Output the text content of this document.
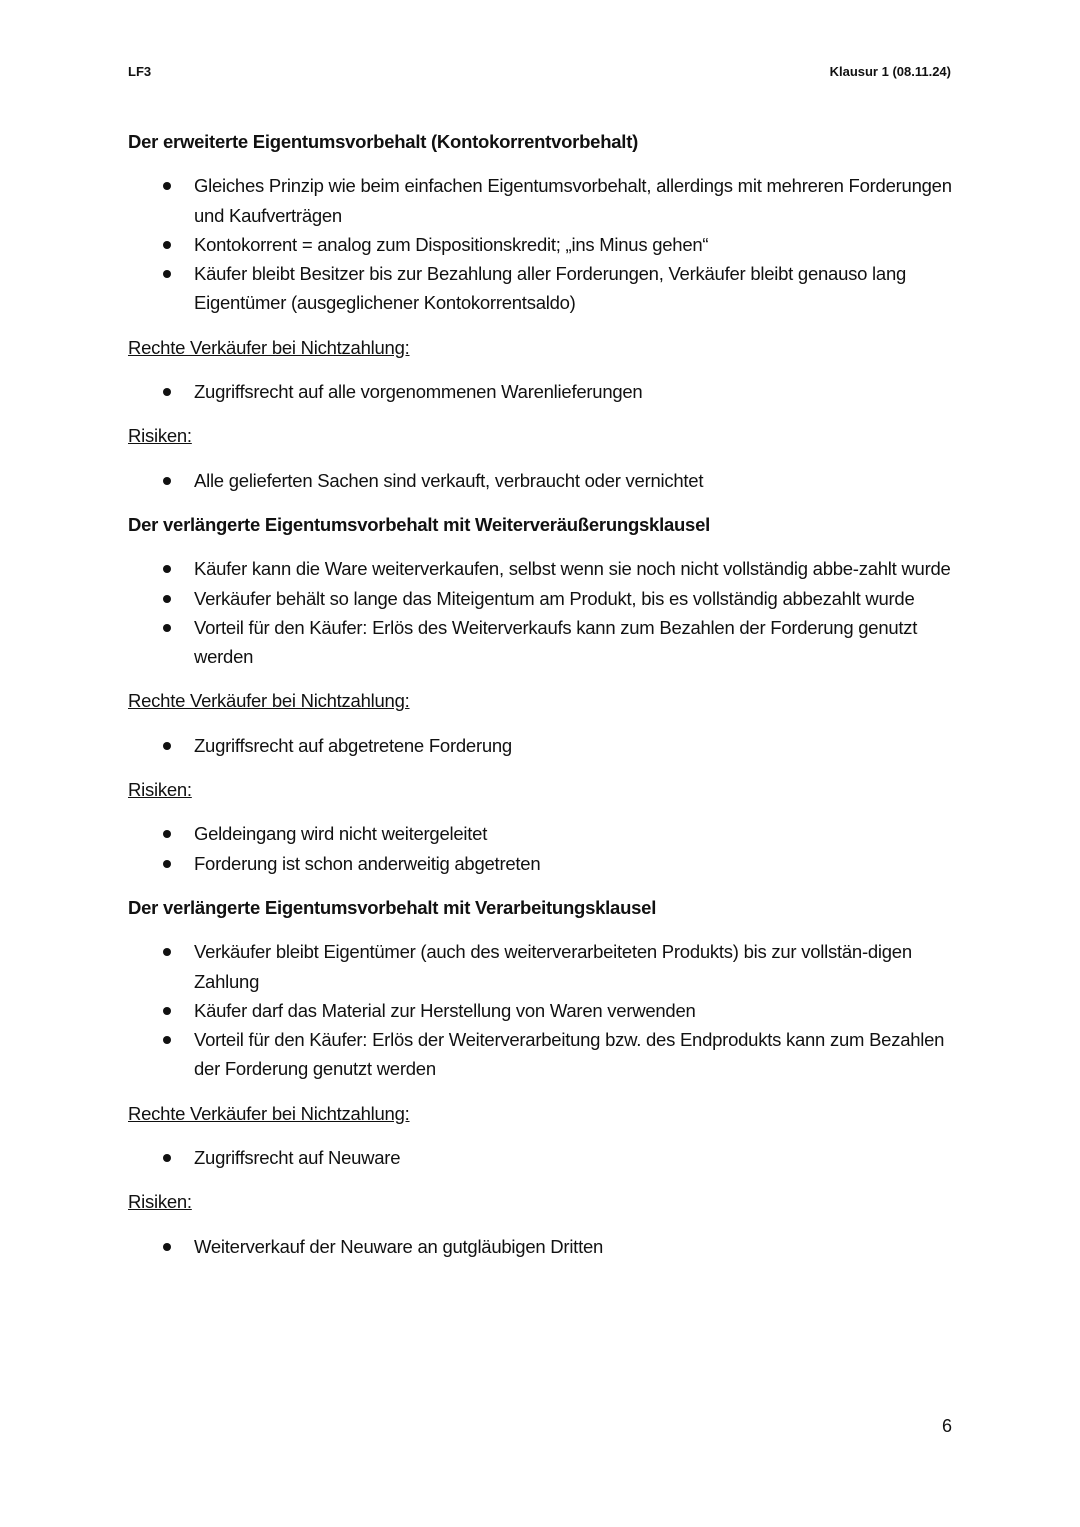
LF3	Klausur 1 (08.11.24)
Der erweiterte Eigentumsvorbehalt (Kontokorrentvorbehalt)
Gleiches Prinzip wie beim einfachen Eigentumsvorbehalt, allerdings mit mehreren Forderungen und Kaufverträgen
Kontokorrent = analog zum Dispositionskredit; „ins Minus gehen“
Käufer bleibt Besitzer bis zur Bezahlung aller Forderungen, Verkäufer bleibt genauso lang Eigentümer (ausgeglichener Kontokorrentsaldo)
Rechte Verkäufer bei Nichtzahlung:
Zugriffsrecht auf alle vorgenommenen Warenlieferungen
Risiken:
Alle gelieferten Sachen sind verkauft, verbraucht oder vernichtet
Der verlängerte Eigentumsvorbehalt mit Weiterveräußerungsklausel
Käufer kann die Ware weiterverkaufen, selbst wenn sie noch nicht vollständig abbe-zahlt wurde
Verkäufer behält so lange das Miteigentum am Produkt, bis es vollständig abbezahlt wurde
Vorteil für den Käufer: Erlös des Weiterverkaufs kann zum Bezahlen der Forderung genutzt werden
Rechte Verkäufer bei Nichtzahlung:
Zugriffsrecht auf abgetretene Forderung
Risiken:
Geldeingang wird nicht weitergeleitet
Forderung ist schon anderweitig abgetreten
Der verlängerte Eigentumsvorbehalt mit Verarbeitungsklausel
Verkäufer bleibt Eigentümer (auch des weiterverarbeiteten Produkts) bis zur vollstän-digen Zahlung
Käufer darf das Material zur Herstellung von Waren verwenden
Vorteil für den Käufer: Erlös der Weiterverarbeitung bzw. des Endprodukts kann zum Bezahlen der Forderung genutzt werden
Rechte Verkäufer bei Nichtzahlung:
Zugriffsrecht auf Neuware
Risiken:
Weiterverkauf der Neuware an gutgläubigen Dritten
6
